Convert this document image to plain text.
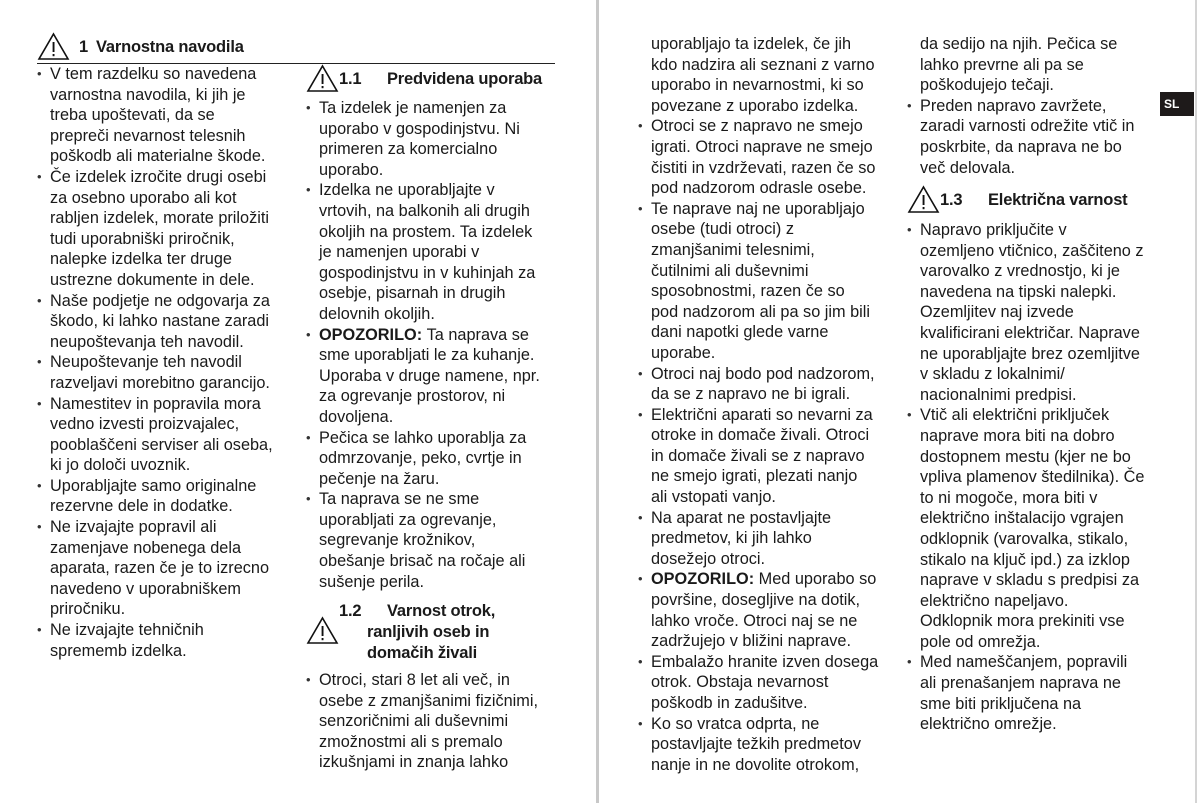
1 Varnostna navodila
• V tem razdelku so navedena
varnostna navodila, ki jih je
treba upoštevati, da se
prepreči nevarnost telesnih
poškodb ali materialne škode.
• Če izdelek izročite drugi osebi
za osebno uporabo ali kot
rabljen izdelek, morate priložiti
tudi uporabniški priročnik,
nalepke izdelka ter druge
ustrezne dokumente in dele.
• Naše podjetje ne odgovarja za
škodo, ki lahko nastane zaradi
neupoštevanja teh navodil.
• Neupoštevanje teh navodil
razveljavi morebitno garancijo.
• Namestitev in popravila mora
vedno izvesti proizvajalec,
pooblaščeni serviser ali oseba,
ki jo določi uvoznik.
• Uporabljajte samo originalne
rezervne dele in dodatke.
• Ne izvajajte popravil ali
zamenjave nobenega dela
aparata, razen če je to izrecno
navedeno v uporabniškem
priročniku.
• Ne izvajajte tehničnih
sprememb izdelka.
1.1 Predvidena uporaba
• Ta izdelek je namenjen za
uporabo v gospodinjstvu. Ni
primeren za komercialno
uporabo.
• Izdelka ne uporabljajte v
vrtovih, na balkonih ali drugih
okoljih na prostem. Ta izdelek
je namenjen uporabi v
gospodinjstvu in v kuhinjah za
osebje, pisarnah in drugih
delovnih okoljih.
• OPOZORILO: Ta naprava se
sme uporabljati le za kuhanje.
Uporaba v druge namene, npr.
za ogrevanje prostorov, ni
dovoljena.
• Pečica se lahko uporablja za
odmrzovanje, peko, cvrtje in
pečenje na žaru.
• Ta naprava se ne sme
uporabljati za ogrevanje,
segrevanje krožnikov,
obešanje brisač na ročaje ali
sušenje perila.
1.2 Varnost otrok,
ranljivih oseb in
domačih živali
• Otroci, stari 8 let ali več, in
osebe z zmanjšanimi fizičnimi,
senzoričnimi ali duševnimi
zmožnostmi ali s premalo
izkušnjami in znanja lahko
uporabljajo ta izdelek, če jih
kdo nadzira ali seznani z varno
uporabo in nevarnostmi, ki so
povezane z uporabo izdelka.
• Otroci se z napravo ne smejo
igrati. Otroci naprave ne smejo
čistiti in vzdrževati, razen če so
pod nadzorom odrasle osebe.
• Te naprave naj ne uporabljajo
osebe (tudi otroci) z
zmanjšanimi telesnimi,
čutilnimi ali duševnimi
sposobnostmi, razen če so
pod nadzorom ali pa so jim bili
dani napotki glede varne
uporabe.
• Otroci naj bodo pod nadzorom,
da se z napravo ne bi igrali.
• Električni aparati so nevarni za
otroke in domače živali. Otroci
in domače živali se z napravo
ne smejo igrati, plezati nanjo
ali vstopati vanjo.
• Na aparat ne postavljajte
predmetov, ki jih lahko
dosežejo otroci.
• OPOZORILO: Med uporabo so
površine, dosegljive na dotik,
lahko vroče. Otroci naj se ne
zadržujejo v bližini naprave.
• Embalažo hranite izven dosega
otrok. Obstaja nevarnost
poškodb in zadušitve.
• Ko so vratca odprta, ne
postavljajte težkih predmetov
nanje in ne dovolite otrokom,
da sedijo na njih. Pečica se
lahko prevrne ali pa se
poškodujejo tečaji.
• Preden napravo zavržete,
zaradi varnosti odrežite vtič in
poskrbite, da naprava ne bo
več delovala.
1.3 Električna varnost
• Napravo priključite v
ozemljeno vtičnico, zaščiteno z
varovalko z vrednostjo, ki je
navedena na tipski nalepki.
Ozemljitev naj izvede
kvalificirani električar. Naprave
ne uporabljajte brez ozemljitve
v skladu z lokalnimi/
nacionalnimi predpisi.
• Vtič ali električni priključek
naprave mora biti na dobro
dostopnem mestu (kjer ne bo
vpliva plamenov štedilnika). Če
to ni mogoče, mora biti v
električno inštalacijo vgrajen
odklopnik (varovalka, stikalo,
stikalo na ključ ipd.) za izklop
naprave v skladu s predpisi za
električno napeljavo.
Odklopnik mora prekiniti vse
pole od omrežja.
• Med nameščanjem, popravili
ali prenašanjem naprava ne
sme biti priključena na
električno omrežje.
SL
